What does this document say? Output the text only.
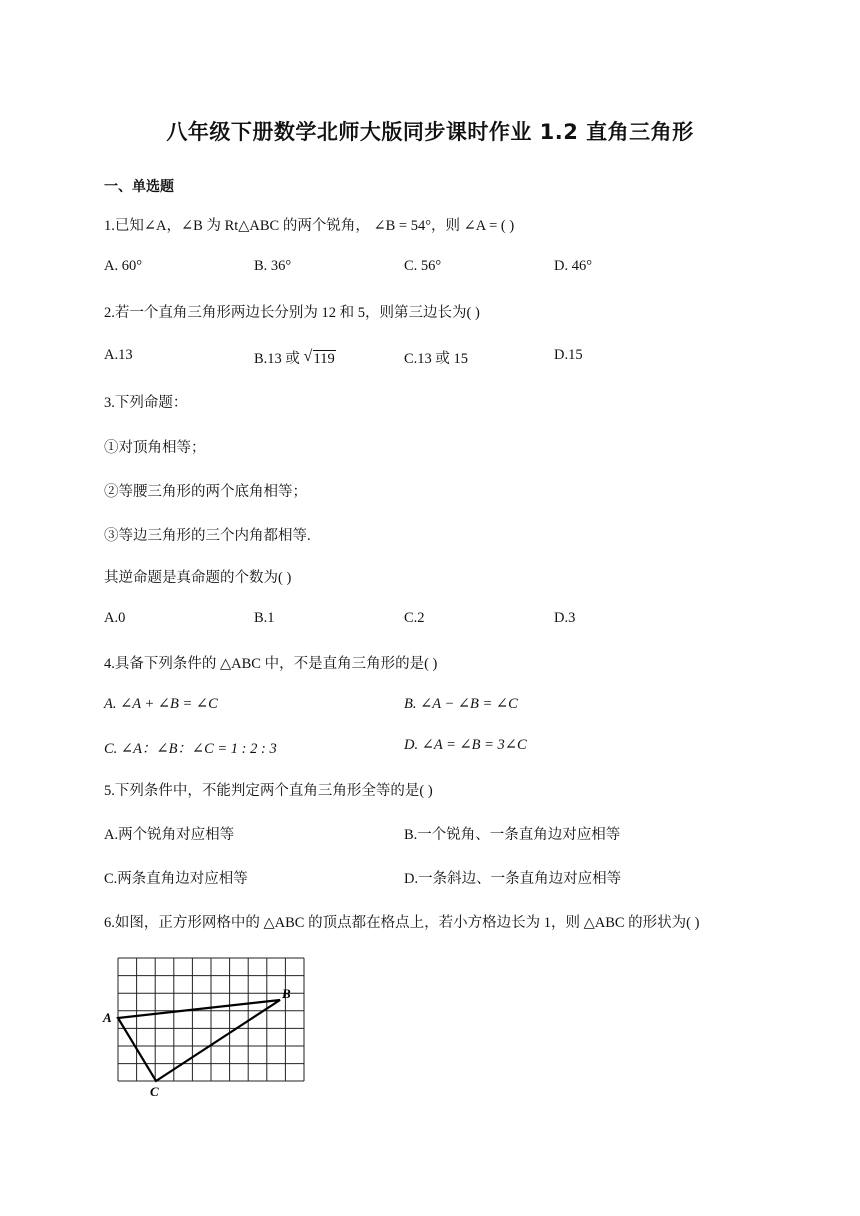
八年级下册数学北师大版同步课时作业 1.2 直角三角形
一、单选题
1.已知∠A，∠B 为 Rt△ABC 的两个锐角， ∠B = 54°，则 ∠A = ( )
A. 60°	B. 36°	C. 56°	D. 46°
2.若一个直角三角形两边长分别为 12 和 5，则第三边长为( )
A.13	B.13 或 √ 119	C.13 或 15	D.15
3.下列命题：
①对顶角相等；
②等腰三角形的两个底角相等；
③等边三角形的三个内角都相等.
其逆命题是真命题的个数为( )
A.0	B.1	C.2	D.3
4.具备下列条件的 △ABC 中，不是直角三角形的是( )
A. ∠A + ∠B = ∠C	B. ∠A − ∠B = ∠C
C. ∠A：∠B：∠C = 1 : 2 : 3	D. ∠A = ∠B = 3∠C
5.下列条件中，不能判定两个直角三角形全等的是( )
A.两个锐角对应相等	B.一个锐角、一条直角边对应相等
C.两条直角边对应相等	D.一条斜边、一条直角边对应相等
6.如图，正方形网格中的 △ABC 的顶点都在格点上，若小方格边长为 1，则 △ABC 的形状为( )
A
B
C
